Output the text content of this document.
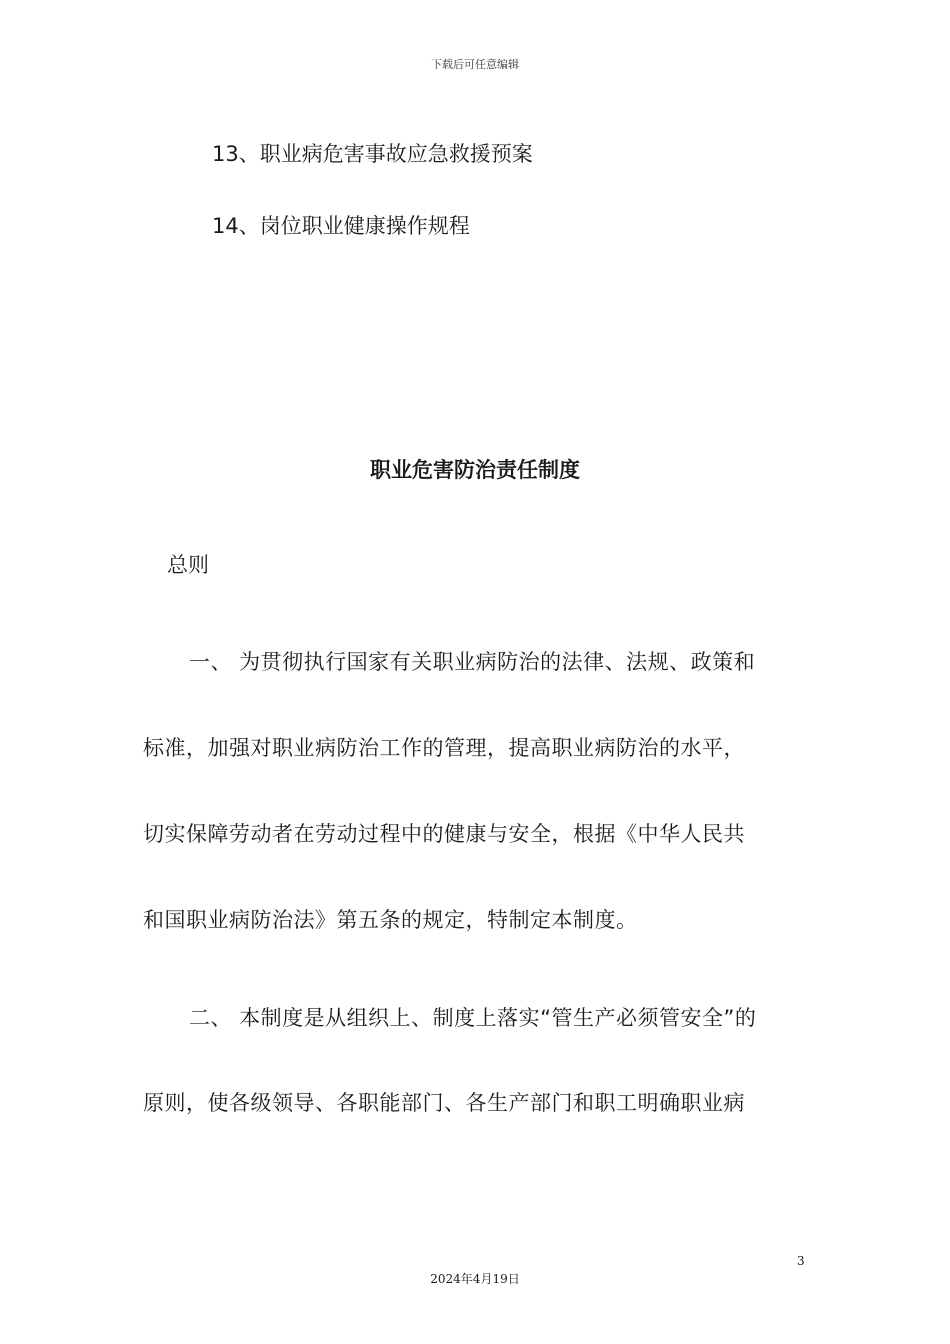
下载后可任意编辑
13、职业病危害事故应急救援预案
14、岗位职业健康操作规程
职业危害防治责任制度
总则
一、 为贯彻执行国家有关职业病防治的法律、法规、政策和
标准，加强对职业病防治工作的管理，提高职业病防治的水平，
切实保障劳动者在劳动过程中的健康与安全，根据《中华人民共
和国职业病防治法》第五条的规定，特制定本制度。
二、 本制度是从组织上、制度上落实“管生产必须管安全”的
原则，使各级领导、各职能部门、各生产部门和职工明确职业病
3
2024年4月19日
